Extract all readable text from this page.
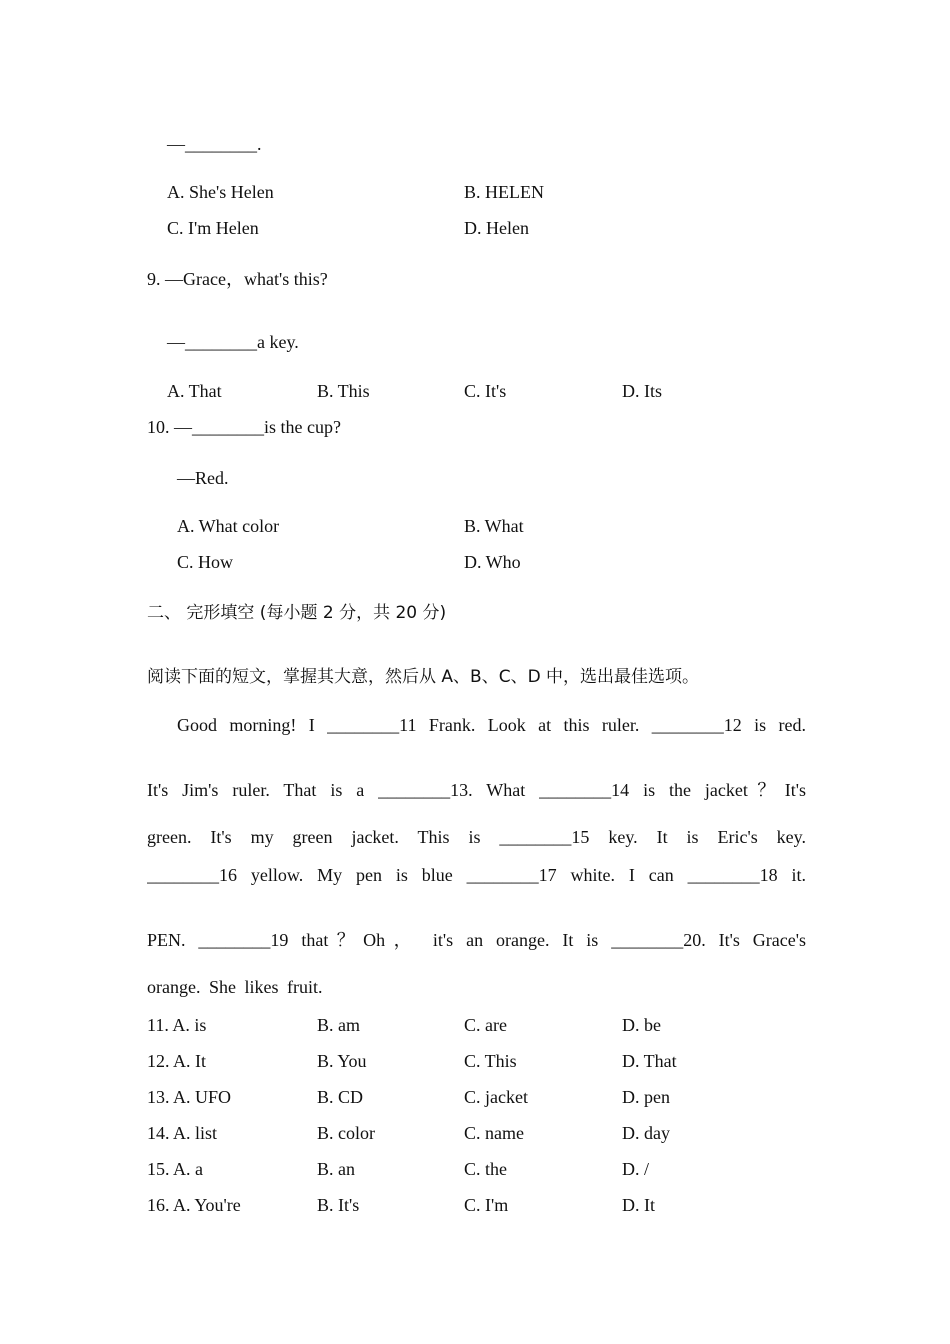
—________.
A. She's Helen	B. HELEN
C. I'm Helen	D. Helen
9. —Grace，what's this?
—________a key.
A. That	B. This	C. It's	D. Its
10. —________is the cup?
—Red.
A. What color	B. What
C. How	D. Who
二、 完形填空 (每小题 2 分，共 20 分)
阅读下面的短文，掌握其大意，然后从 A、B、C、D 中，选出最佳选项。
Good morning! I ________11 Frank. Look at this ruler. ________12 is red.
It's Jim's ruler. That is a ________13. What ________14 is the jacket？It's
green. It's my green jacket. This is ________15 key. It is Eric's key.
________16 yellow. My pen is blue ________17 white. I can ________18 it.
PEN. ________19 that？Oh， it's an orange. It is ________20. It's Grace's
orange. She likes fruit.
11. A. is	B. am	C. are	D. be
12. A. It	B. You	C. This	D. That
13. A. UFO	B. CD	C. jacket	D. pen
14. A. list	B. color	C. name	D. day
15. A. a	B. an	C. the	D. /
16. A. You're	B. It's	C. I'm	D. It
